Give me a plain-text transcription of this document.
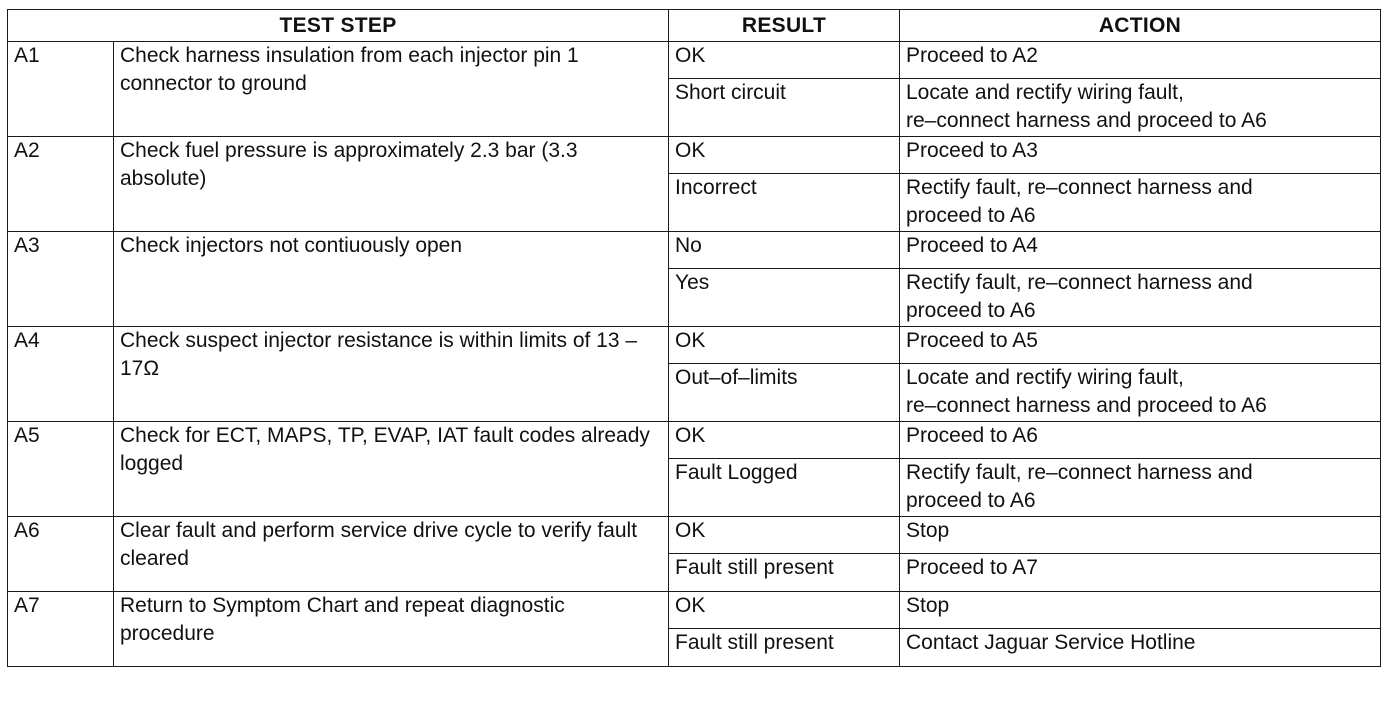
TEST STEP		RESULT	ACTION
A1	Check harness insulation from each injector pin 1 connector to ground	OK	Proceed to A2
		Short circuit	Locate and rectify wiring fault,
re–connect harness and proceed to A6
A2	Check fuel pressure is approximately 2.3 bar (3.3 absolute)	OK	Proceed to A3
		Incorrect	Rectify fault, re–connect harness and
proceed to A6
A3	Check injectors not contiuously open	No	Proceed to A4
		Yes	Rectify fault, re–connect harness and
proceed to A6
A4	Check suspect injector resistance is within limits of 13 – 17Ω	OK	Proceed to A5
		Out–of–limits	Locate and rectify wiring fault,
re–connect harness and proceed to A6
A5	Check for ECT, MAPS, TP, EVAP, IAT fault codes already logged	OK	Proceed to A6
		Fault Logged	Rectify fault, re–connect harness and
proceed to A6
A6	Clear fault and perform service drive cycle to verify fault cleared	OK	Stop
		Fault still present	Proceed to A7
A7	Return to Symptom Chart and repeat diagnostic procedure	OK	Stop
		Fault still present	Contact Jaguar Service Hotline
